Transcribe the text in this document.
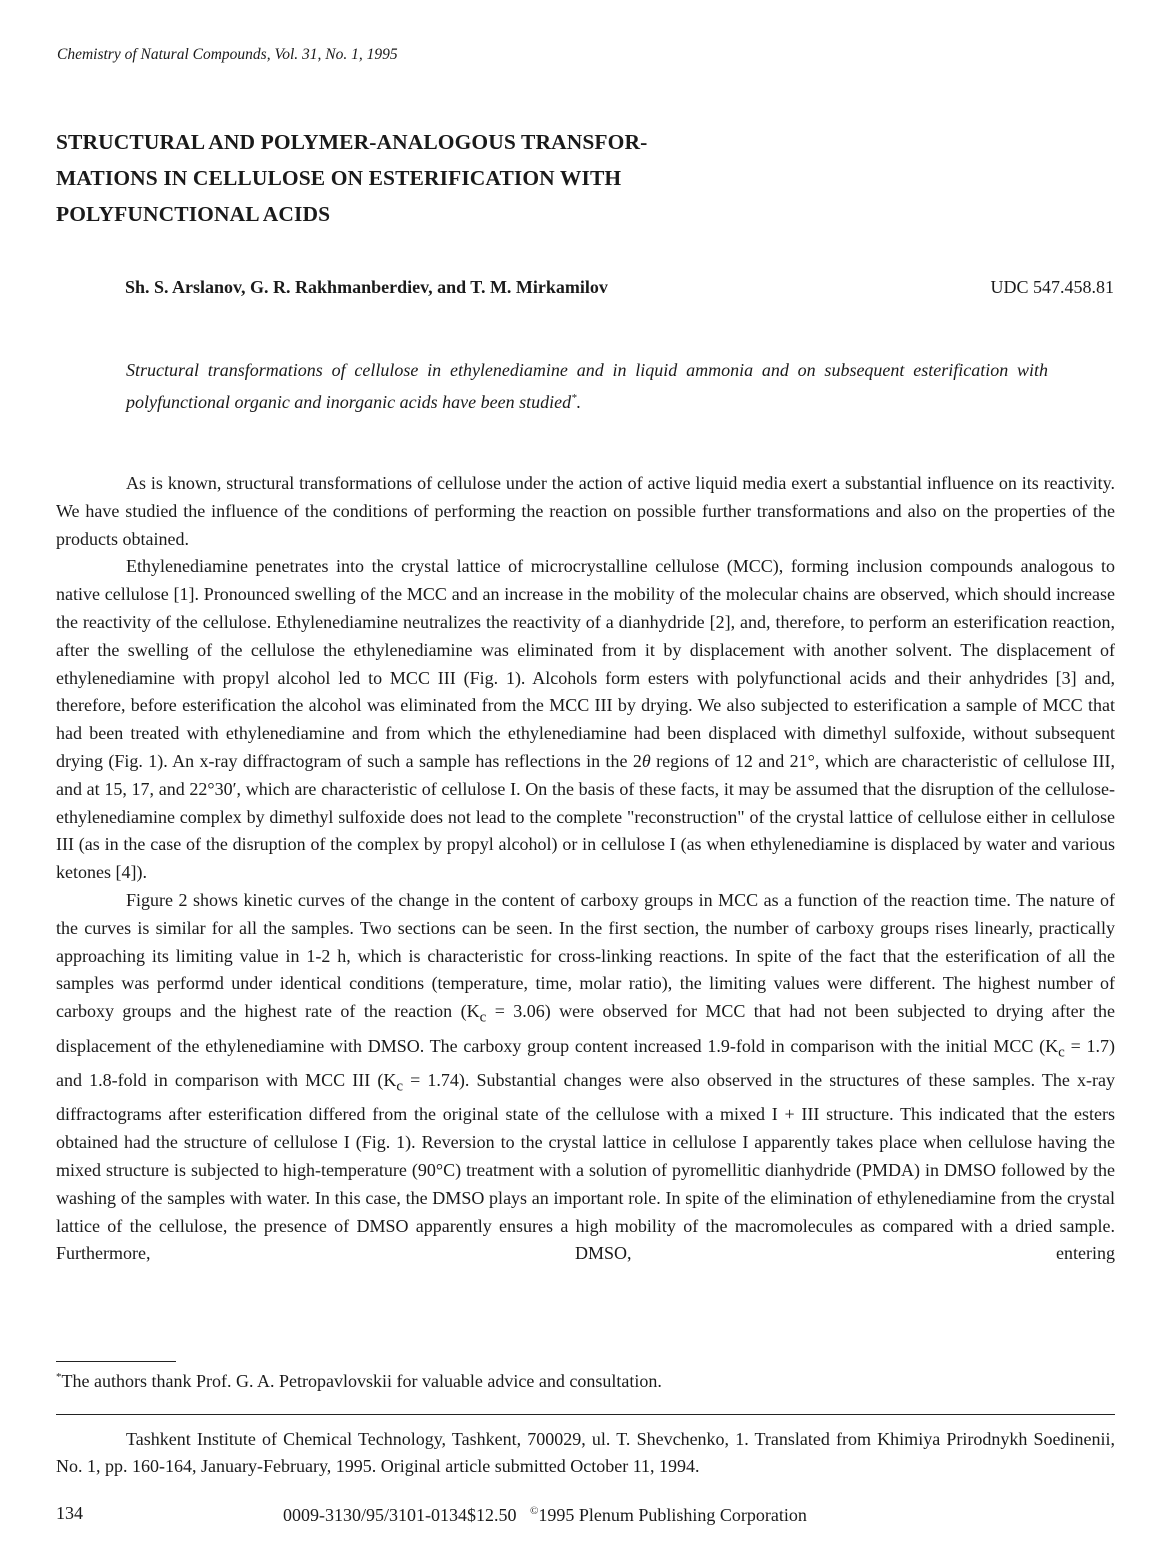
Chemistry of Natural Compounds, Vol. 31, No. 1, 1995
STRUCTURAL AND POLYMER-ANALOGOUS TRANSFOR-
MATIONS IN CELLULOSE ON ESTERIFICATION WITH
POLYFUNCTIONAL ACIDS
Sh. S. Arslanov, G. R. Rakhmanberdiev, and T. M. Mirkamilov	UDC 547.458.81
Structural transformations of cellulose in ethylenediamine and in liquid ammonia and on subsequent esterification with polyfunctional organic and inorganic acids have been studied*.

As is known, structural transformations of cellulose under the action of active liquid media exert a substantial influence on its reactivity. We have studied the influence of the conditions of performing the reaction on possible further transformations and also on the properties of the products obtained.

Ethylenediamine penetrates into the crystal lattice of microcrystalline cellulose (MCC), forming inclusion compounds analogous to native cellulose [1]. Pronounced swelling of the MCC and an increase in the mobility of the molecular chains are observed, which should increase the reactivity of the cellulose. Ethylenediamine neutralizes the reactivity of a dianhydride [2], and, therefore, to perform an esterification reaction, after the swelling of the cellulose the ethylenediamine was eliminated from it by displacement with another solvent. The displacement of ethylenediamine with propyl alcohol led to MCC III (Fig. 1). Alcohols form esters with polyfunctional acids and their anhydrides [3] and, therefore, before esterification the alcohol was eliminated from the MCC III by drying. We also subjected to esterification a sample of MCC that had been treated with ethylenediamine and from which the ethylenediamine had been displaced with dimethyl sulfoxide, without subsequent drying (Fig. 1). An x-ray diffractogram of such a sample has reflections in the 2θ regions of 12 and 21°, which are characteristic of cellulose III, and at 15, 17, and 22°30′, which are characteristic of cellulose I. On the basis of these facts, it may be assumed that the disruption of the cellulose-ethylenediamine complex by dimethyl sulfoxide does not lead to the complete "reconstruction" of the crystal lattice of cellulose either in cellulose III (as in the case of the disruption of the complex by propyl alcohol) or in cellulose I (as when ethylenediamine is displaced by water and various ketones [4]).

Figure 2 shows kinetic curves of the change in the content of carboxy groups in MCC as a function of the reaction time. The nature of the curves is similar for all the samples. Two sections can be seen. In the first section, the number of carboxy groups rises linearly, practically approaching its limiting value in 1-2 h, which is characteristic for cross-linking reactions. In spite of the fact that the esterification of all the samples was performd under identical conditions (temperature, time, molar ratio), the limiting values were different. The highest number of carboxy groups and the highest rate of the reaction $(K_c = 3.06)$ were observed for MCC that had not been subjected to drying after the displacement of the ethylenediamine with DMSO. The carboxy group content increased 1.9-fold in comparison with the initial MCC $(K_c = 1.7)$ and 1.8-fold in comparison with MCC III $(K_c = 1.74)$. Substantial changes were also observed in the structures of these samples. The x-ray diffractograms after esterification differed from the original state of the cellulose with a mixed I + III structure. This indicated that the esters obtained had the structure of cellulose I (Fig. 1). Reversion to the crystal lattice in cellulose I apparently takes place when cellulose having the mixed structure is subjected to high-temperature (90°C) treatment with a solution of pyromellitic dianhydride (PMDA) in DMSO followed by the washing of the samples with water. In this case, the DMSO plays an important role. In spite of the elimination of ethylenediamine from the crystal lattice of the cellulose, the presence of DMSO apparently ensures a high mobility of the macromolecules as compared with a dried sample. Furthermore, DMSO, entering

*The authors thank Prof. G. A. Petropavlovskii for valuable advice and consultation.
Tashkent Institute of Chemical Technology, Tashkent, 700029, ul. T. Shevchenko, 1. Translated from Khimiya Prirodnykh Soedinenii, No. 1, pp. 160-164, January-February, 1995. Original article submitted October 11, 1994.
134	0009-3130/95/3101-0134$12.50 ©1995 Plenum Publishing Corporation
